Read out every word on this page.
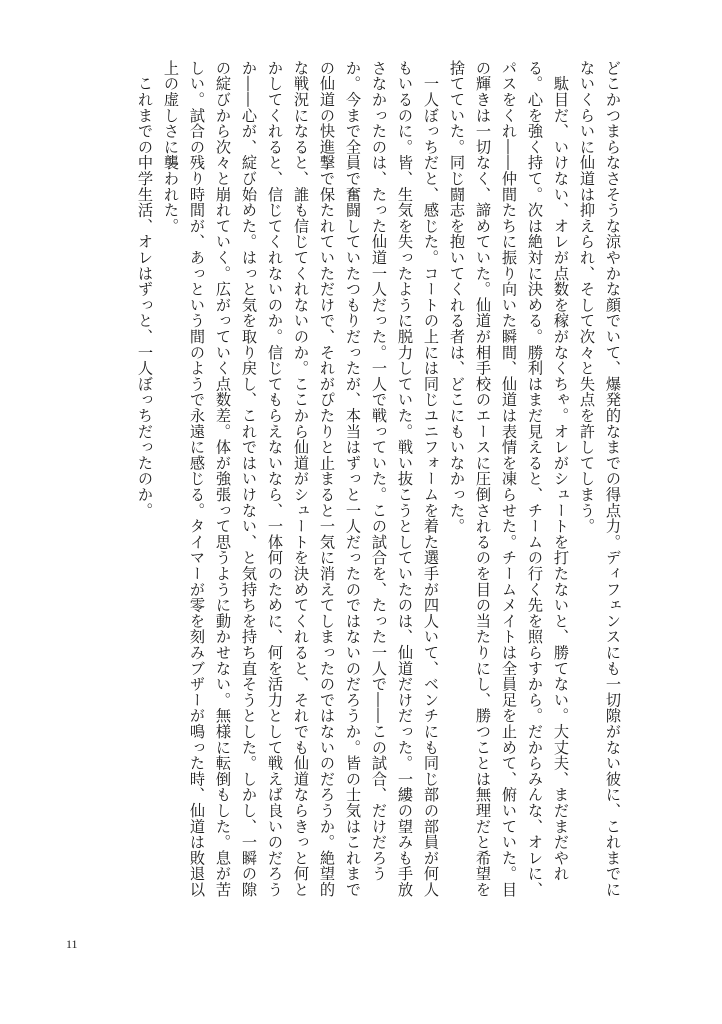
どこかつまらなさそうな涼やかな顔でいて、爆発的なまでの得点力。ディフェンスにも一切隙がない彼に、これまでにないくらいに仙道は抑えられ、そして次々と失点を許してしまう。

　駄目だ、いけない、オレが点数を稼がなくちゃ。オレがシュートを打たないと、勝てない。大丈夫、まだまだやれる。心を強く持て。次は絶対に決める。勝利はまだ見えると、チームの行く先を照らすから。だからみんな、オレに、パスをくれ――仲間たちに振り向いた瞬間、仙道は表情を凍らせた。チームメイトは全員足を止めて、俯いていた。目の輝きは一切なく、諦めていた。仙道が相手校のエースに圧倒されるのを目の当たりにし、勝つことは無理だと希望を捨てていた。同じ闘志を抱いてくれる者は、どこにもいなかった。

　一人ぼっちだと、感じた。コートの上には同じユニフォームを着た選手が四人いて、ベンチにも同じ部の部員が何人もいるのに。皆、生気を失ったように脱力していた。戦い抜こうとしていたのは、仙道だけだった。一縷の望みも手放さなかったのは、たった仙道一人だった。一人で戦っていた。この試合を、たった一人で――この試合、だけだろうか。今まで全員で奮闘していたつもりだったが、本当はずっと一人だったのではないのだろうか。皆の士気はこれまでの仙道の快進撃で保たれていただけで、それがぴたりと止まると一気に消えてしまったのではないのだろうか。絶望的な戦況になると、誰も信じてくれないのか。ここから仙道がシュートを決めてくれると、それでも仙道ならきっと何とかしてくれると、信じてくれないのか。信じてもらえないなら、一体何のために、何を活力として戦えば良いのだろうか――心が、綻び始めた。はっと気を取り戻し、これではいけない、と気持ちを持ち直そうとした。しかし、一瞬の隙の綻びから次々と崩れていく。広がっていく点数差。体が強張って思うように動かせない。無様に転倒もした。息が苦しい。試合の残り時間が、あっという間のようで永遠に感じる。タイマーが零を刻みブザーが鳴った時、仙道は敗退以上の虚しさに襲われた。

　これまでの中学生活、オレはずっと、一人ぼっちだったのか。

11
